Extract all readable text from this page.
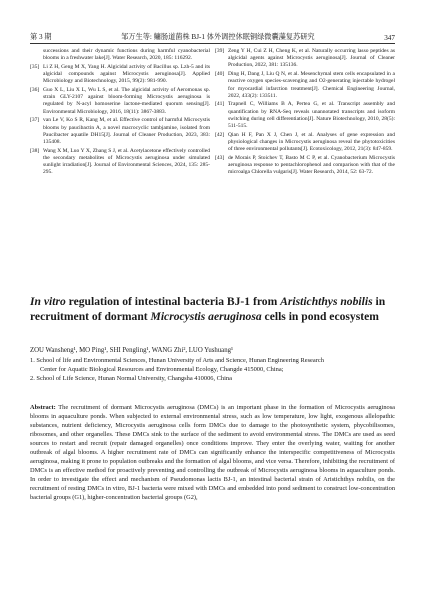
第 3 期	邹万生等: 鳙肠道菌株 BJ-1 体外调控休眠铜绿微囊藻复苏研究	347
successions and their dynamic functions during harmful cyanobacterial blooms in a freshwater lake[J]. Water Research, 2020, 185: 116292.
[35] Li Z H, Geng M X, Yang H. Algicidal activity of Bacillus sp. Lzh-5 and its algicidal compounds against Microcystis aeruginosa[J]. Applied Microbiology and Biotechnology, 2015, 99(2): 981-990.
[36] Guo X L, Liu X L, Wu L S, et al. The algicidal activity of Aeromonas sp. strain GLY-2107 against bloom-forming Microcystis aeruginosa is regulated by N-acyl homoserine lactone-mediated quorum sensing[J]. Environmental Microbiology, 2016, 18(11): 3867-3883.
[37] van Le V, Ko S R, Kang M, et al. Effective control of harmful Microcystis blooms by paucibactin A, a novel macrocyclic tambjamine, isolated from Paucibacter aquatile DH15[J]. Journal of Cleaner Production, 2023, 383: 135408.
[38] Wang X M, Luo Y X, Zhang S J, et al. Acetylacetone effectively controlled the secondary metabolites of Microcystis aeruginosa under simulated sunlight irradiation[J]. Journal of Environmental Sciences, 2024, 135: 285-295.
[39] Zeng Y H, Cui Z H, Cheng K, et al. Naturally occurring lasso peptides as algicidal agents against Microcystis aeruginosa[J]. Journal of Cleaner Production, 2022, 381: 135136.
[40] Ding H, Dang J, Liu Q N, et al. Mesenchymal stem cells encapsulated in a reactive oxygen species-scavenging and O2-generating injectable hydrogel for myocardial infarction treatment[J]. Chemical Engineering Journal, 2022, 433(2): 133511.
[41] Trapnell C, Williams B A, Pertea G, et al. Transcript assembly and quantification by RNA-Seq reveals unannotated transcripts and isoform switching during cell differentiation[J]. Nature Biotechnology, 2010, 28(5): 511-515.
[42] Qian H F, Pan X J, Chen J, et al. Analyses of gene expression and physiological changes in Microcystis aeruginosa reveal the phytotoxicities of three environmental pollutants[J]. Ecotoxicology, 2012, 21(3): 847-859.
[43] de Morais P, Stoichev T, Basto M C P, et al. Cyanobacterium Microcystis aeruginosa response to pentachlorophenol and comparison with that of the microalga Chlorella vulgaris[J]. Water Research, 2014, 52: 63-72.
In vitro regulation of intestinal bacteria BJ-1 from Aristichthys nobilis in recruitment of dormant Microcystis aeruginosa cells in pond ecosystem
ZOU Wansheng¹, MO Ping¹, SHI Pengling¹, WANG Zhi², LUO Yushuang¹
1. School of life and Environmental Sciences, Hunan University of Arts and Science, Hunan Engineering Research
Center for Aquatic Biological Resources and Environmental Ecology, Changde 415000, China;
2. School of Life Science, Hunan Normal University, Changsha 410006, China
Abstract: The recruitment of dormant Microcystis aeruginosa (DMCs) is an important phase in the formation of Microcystis aeruginosa blooms in aquaculture ponds. When subjected to external environmental stress, such as low temperature, low light, exogenous allelopathic substances, nutrient deficiency, Microcystis aeruginosa cells form DMCs due to damage to the photosynthetic system, phycobilisomes, ribosomes, and other organelles. These DMCs sink to the surface of the sediment to avoid environmental stress. The DMCs are used as seed sources to restart and recruit (repair damaged organelles) once conditions improve. They enter the overlying water, waiting for another outbreak of algal blooms. A higher recruitment rate of DMCs can significantly enhance the interspecific competitiveness of Microcystis aeruginosa, making it prone to population outbreaks and the formation of algal blooms, and vice versa. Therefore, inhibiting the recruitment of DMCs is an effective method for proactively preventing and controlling the outbreak of Microcystis aeruginosa blooms in aquaculture ponds. In order to investigate the effect and mechanism of Pseudomonas lactis BJ-1, an intestinal bacterial strain of Aristichthys nobilis, on the recruitment of resting DMCs in vitro, BJ-1 bacteria were mixed with DMCs and embedded into pond sediment to construct low-concentration bacterial groups (G1), higher-concentration bacterial groups (G2),
